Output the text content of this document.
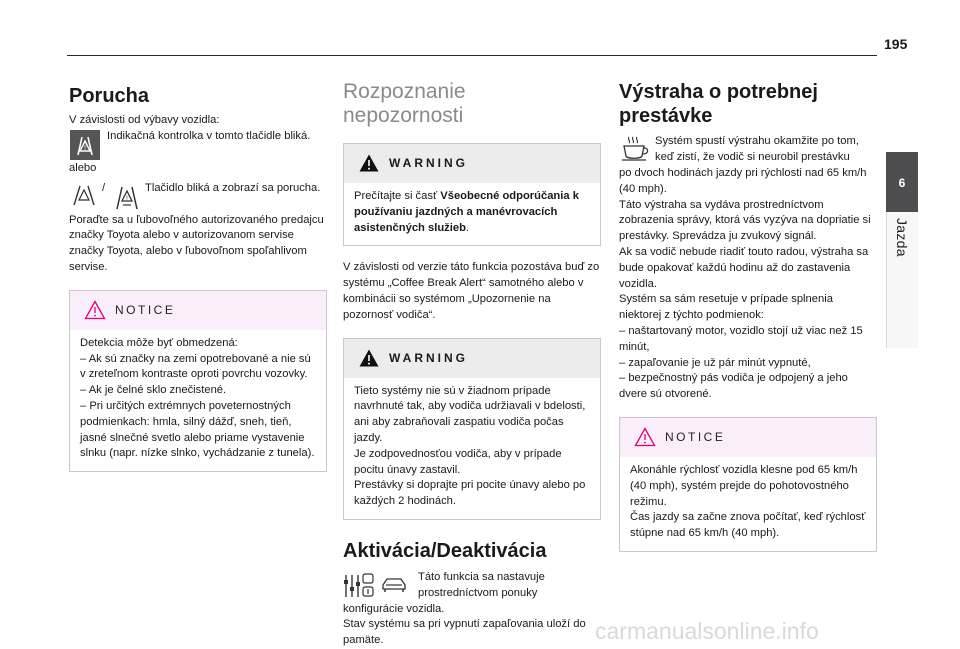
195
6
Jazda
Porucha
V závislosti od výbavy vozidla:
!
Indikačná kontrolka v tomto tlačidle bliká.
alebo
/
!
Tlačidlo bliká a zobrazí sa porucha.
Poraďte sa u ľubovoľného autorizovaného predajcu značky Toyota alebo v autorizovanom servise značky Toyota, alebo v ľubovoľnom spoľahlivom servise.
NOTICE
Detekcia môže byť obmedzená:
– Ak sú značky na zemi opotrebované a nie sú v zreteľnom kontraste oproti povrchu vozovky.
– Ak je čelné sklo znečistené.
– Pri určitých extrémnych poveternostných podmienkach: hmla, silný dážď, sneh, tieň, jasné slnečné svetlo alebo priame vystavenie slnku (napr. nízke slnko, vychádzanie z tunela).
Rozpoznanie
nepozornosti
WARNING
Prečítajte si časť Všeobecné odporúčania k používaniu jazdných a manévrovacích asistenčných služieb.
V závislosti od verzie táto funkcia pozostáva buď zo systému „Coffee Break Alert“ samotného alebo v kombinácii so systémom „Upozornenie na pozornosť vodiča“.
WARNING
Tieto systémy nie sú v žiadnom prípade navrhnuté tak, aby vodiča udržiavali v bdelosti, ani aby zabraňovali zaspatiu vodiča počas jazdy.
Je zodpovednosťou vodiča, aby v prípade pocitu únavy zastavil.
Prestávky si doprajte pri pocite únavy alebo po každých 2 hodinách.
Aktivácia/Deaktivácia
Táto funkcia sa nastavuje prostredníctvom ponuky
konfigurácie vozidla.
Stav systému sa pri vypnutí zapaľovania uloží do pamäte.
Výstraha o potrebnej
prestávke
Systém spustí výstrahu okamžite po tom, keď zistí, že vodič si neurobil prestávku
po dvoch hodinách jazdy pri rýchlosti nad 65 km/h (40 mph).
Táto výstraha sa vydáva prostredníctvom zobrazenia správy, ktorá vás vyzýva na dopriatie si prestávky. Sprevádza ju zvukový signál.
Ak sa vodič nebude riadiť touto radou, výstraha sa bude opakovať každú hodinu až do zastavenia vozidla.
Systém sa sám resetuje v prípade splnenia niektorej z týchto podmienok:
– naštartovaný motor, vozidlo stojí už viac než 15 minút,
– zapaľovanie je už pár minút vypnuté,
– bezpečnostný pás vodiča je odpojený a jeho dvere sú otvorené.
NOTICE
Akonáhle rýchlosť vozidla klesne pod 65 km/h (40 mph), systém prejde do pohotovostného režimu.
Čas jazdy sa začne znova počítať, keď rýchlosť stúpne nad 65 km/h (40 mph).
carmanualsonline.info
